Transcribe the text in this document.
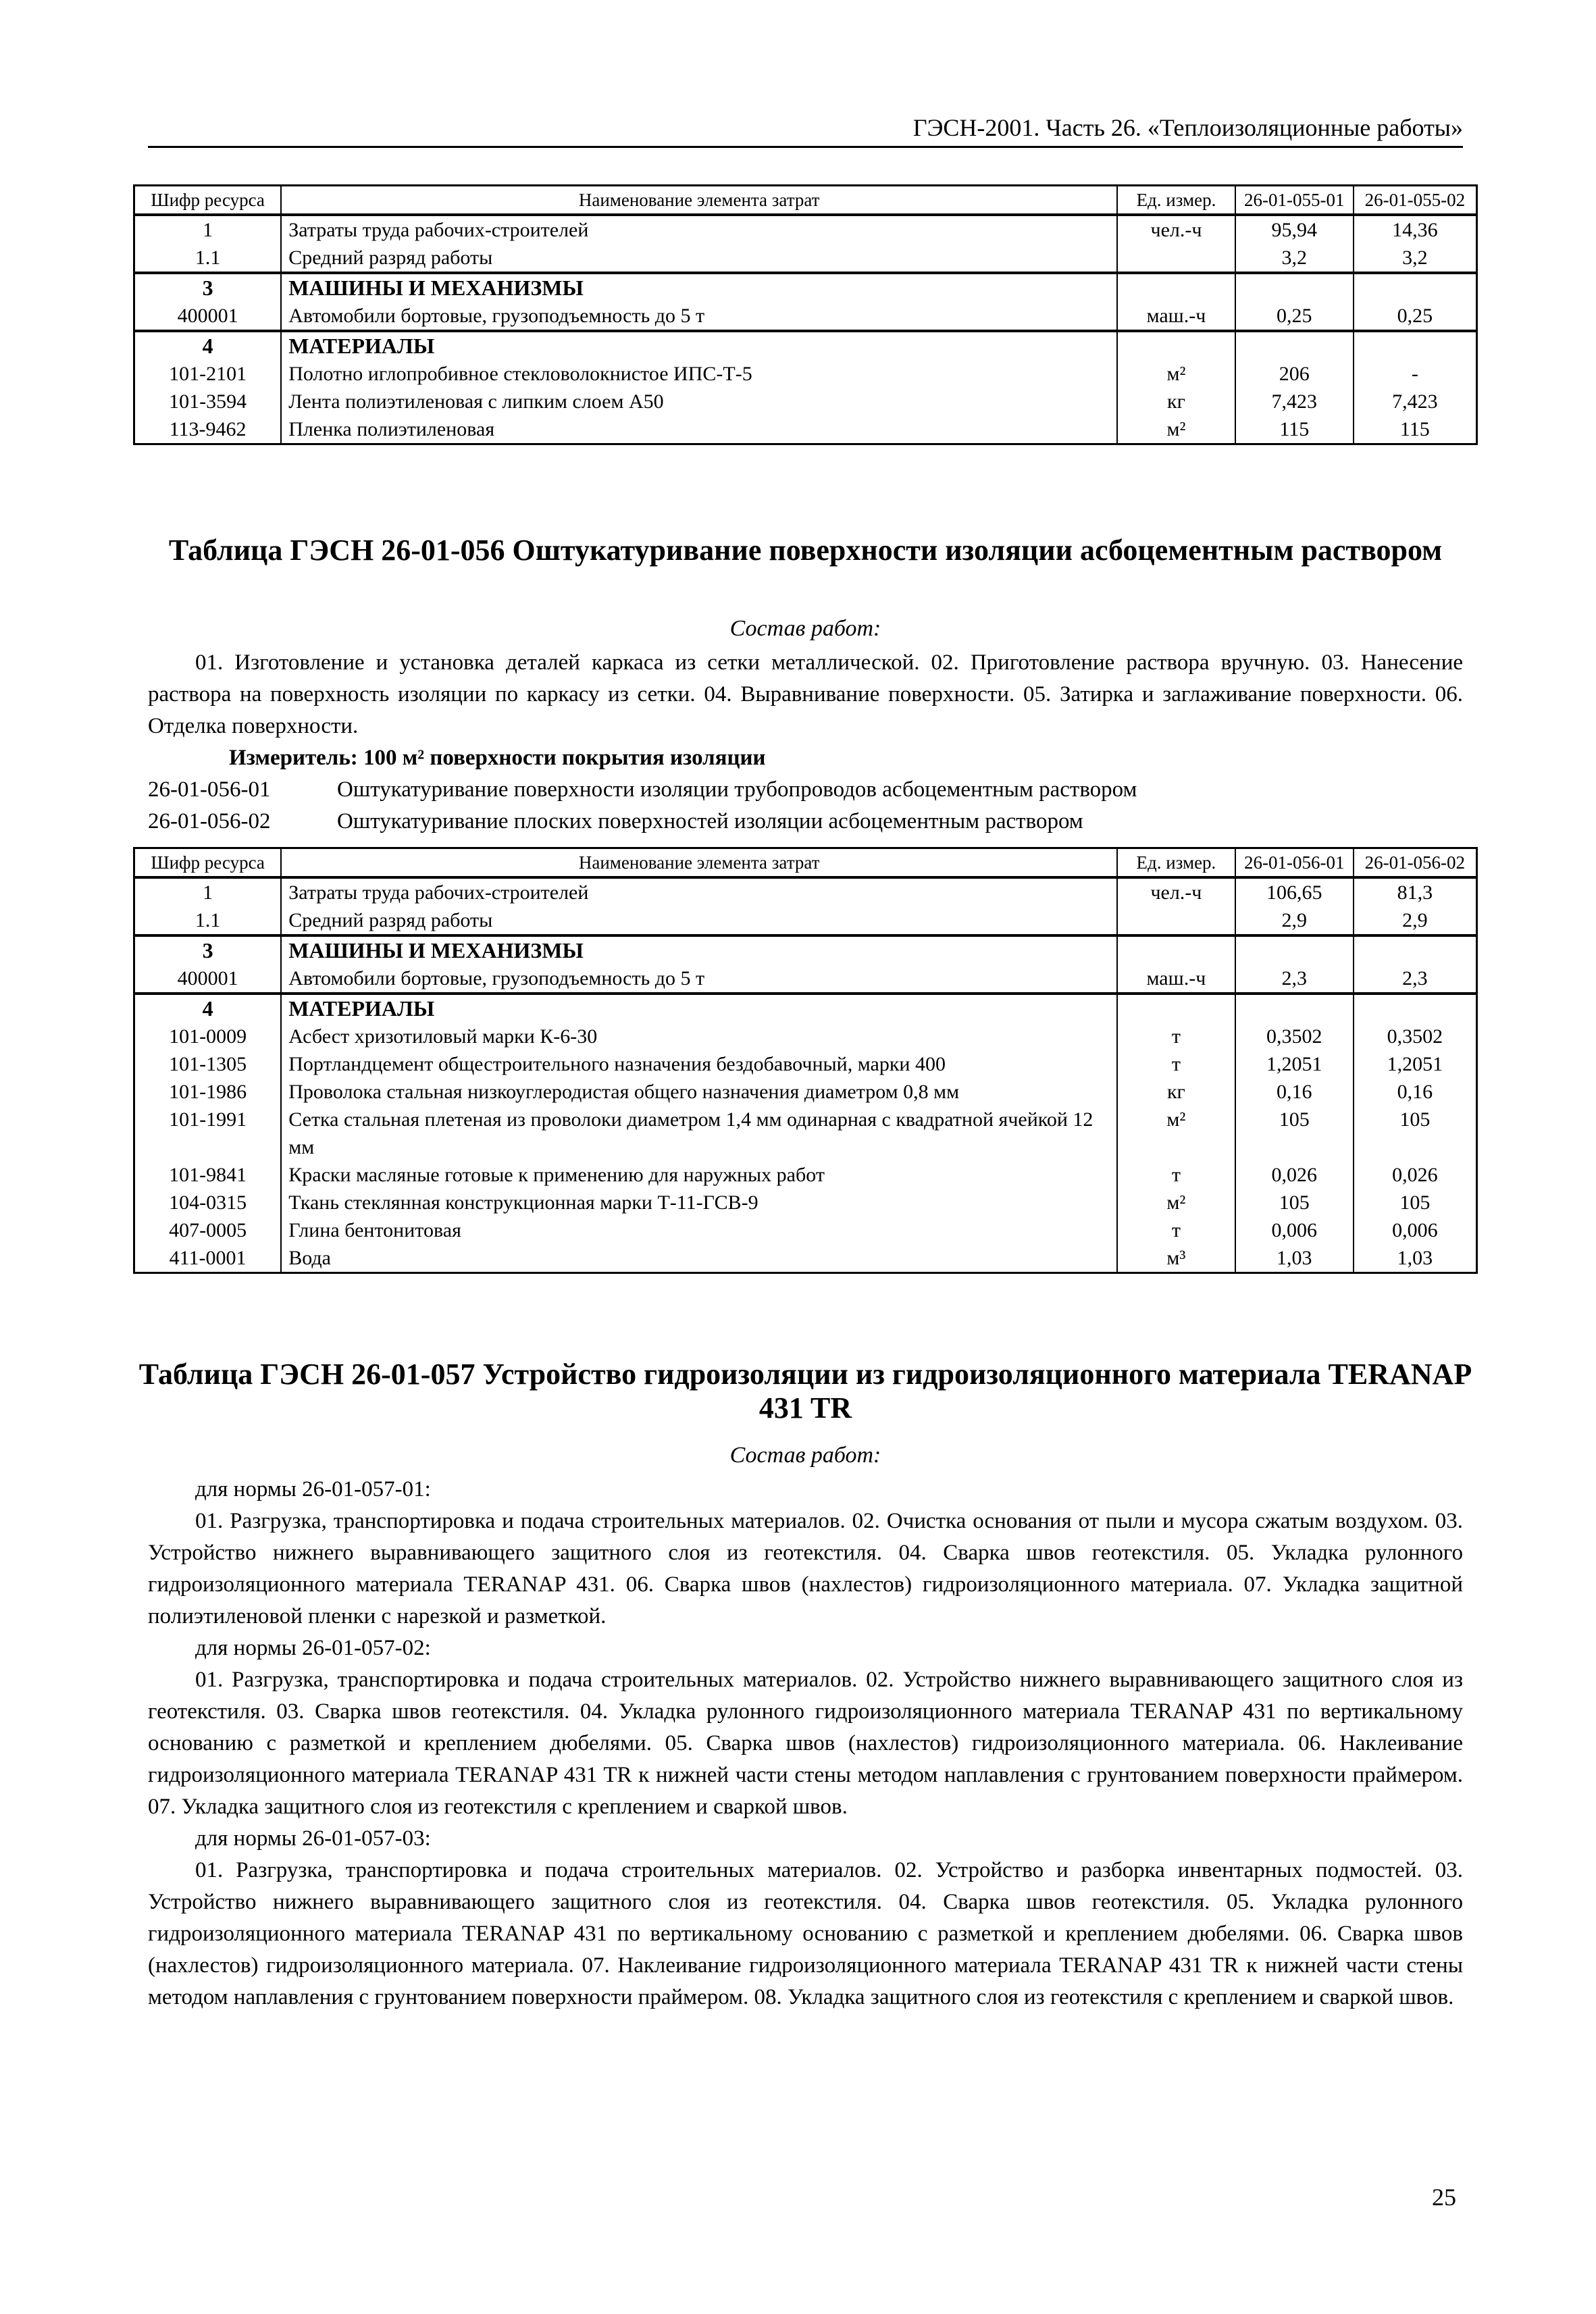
ГЭСН-2001. Часть 26. «Теплоизоляционные работы»
Шифр ресурса	Наименование элемента затрат	Ед. измер.	26-01-055-01	26-01-055-02
1	Затраты труда рабочих-строителей	чел.-ч	95,94	14,36
1.1	Средний разряд работы		3,2	3,2
3	МАШИНЫ И МЕХАНИЗМЫ			
400001	Автомобили бортовые, грузоподъемность до 5 т	маш.-ч	0,25	0,25
4	МАТЕРИАЛЫ			
101-2101	Полотно иглопробивное стекловолокнистое ИПС-Т-5	м²	206	-
101-3594	Лента полиэтиленовая с липким слоем А50	кг	7,423	7,423
113-9462	Пленка полиэтиленовая	м²	115	115
Таблица ГЭСН 26-01-056 Оштукатуривание поверхности изоляции асбоцементным раствором
Состав работ:

01. Изготовление и установка деталей каркаса из сетки металлической. 02. Приготовление раствора вручную. 03. Нанесение раствора на поверхность изоляции по каркасу из сетки. 04. Выравнивание поверхности. 05. Затирка и заглаживание поверхности. 06. Отделка поверхности.

Измеритель: 100 м² поверхности покрытия изоляции

26-01-056-01	Оштукатуривание поверхности изоляции трубопроводов асбоцементным раствором
26-01-056-02	Оштукатуривание плоских поверхностей изоляции асбоцементным раствором
Шифр ресурса	Наименование элемента затрат	Ед. измер.	26-01-056-01	26-01-056-02
1	Затраты труда рабочих-строителей	чел.-ч	106,65	81,3
1.1	Средний разряд работы		2,9	2,9
3	МАШИНЫ И МЕХАНИЗМЫ			
400001	Автомобили бортовые, грузоподъемность до 5 т	маш.-ч	2,3	2,3
4	МАТЕРИАЛЫ			
101-0009	Асбест хризотиловый марки К-6-30	т	0,3502	0,3502
101-1305	Портландцемент общестроительного назначения бездобавочный, марки 400	т	1,2051	1,2051
101-1986	Проволока стальная низкоуглеродистая общего назначения диаметром 0,8 мм	кг	0,16	0,16
101-1991	Сетка стальная плетеная из проволоки диаметром 1,4 мм одинарная с квадратной ячейкой 12 мм	м²	105	105
101-9841	Краски масляные готовые к применению для наружных работ	т	0,026	0,026
104-0315	Ткань стеклянная конструкционная марки Т-11-ГСВ-9	м²	105	105
407-0005	Глина бентонитовая	т	0,006	0,006
411-0001	Вода	м³	1,03	1,03
Таблица ГЭСН 26-01-057 Устройство гидроизоляции из гидроизоляционного материала TERANAP 431 TR
Состав работ:

для нормы 26-01-057-01:

01. Разгрузка, транспортировка и подача строительных материалов. 02. Очистка основания от пыли и мусора сжатым воздухом. 03. Устройство нижнего выравнивающего защитного слоя из геотекстиля. 04. Сварка швов геотекстиля. 05. Укладка рулонного гидроизоляционного материала TERANAP 431. 06. Сварка швов (нахлестов) гидроизоляционного материала. 07. Укладка защитной полиэтиленовой пленки с нарезкой и разметкой.

для нормы 26-01-057-02:

01. Разгрузка, транспортировка и подача строительных материалов. 02. Устройство нижнего выравнивающего защитного слоя из геотекстиля. 03. Сварка швов геотекстиля. 04. Укладка рулонного гидроизоляционного материала TERANAP 431 по вертикальному основанию с разметкой и креплением дюбелями. 05. Сварка швов (нахлестов) гидроизоляционного материала. 06. Наклеивание гидроизоляционного материала TERANAP 431 TR к нижней части стены методом наплавления с грунтованием поверхности праймером. 07. Укладка защитного слоя из геотекстиля с креплением и сваркой швов.

для нормы 26-01-057-03:

01. Разгрузка, транспортировка и подача строительных материалов. 02. Устройство и разборка инвентарных подмостей. 03. Устройство нижнего выравнивающего защитного слоя из геотекстиля. 04. Сварка швов геотекстиля. 05. Укладка рулонного гидроизоляционного материала TERANAP 431 по вертикальному основанию с разметкой и креплением дюбелями. 06. Сварка швов (нахлестов) гидроизоляционного материала. 07. Наклеивание гидроизоляционного материала TERANAP 431 TR к нижней части стены методом наплавления с грунтованием поверхности праймером. 08. Укладка защитного слоя из геотекстиля с креплением и сваркой швов.

25
